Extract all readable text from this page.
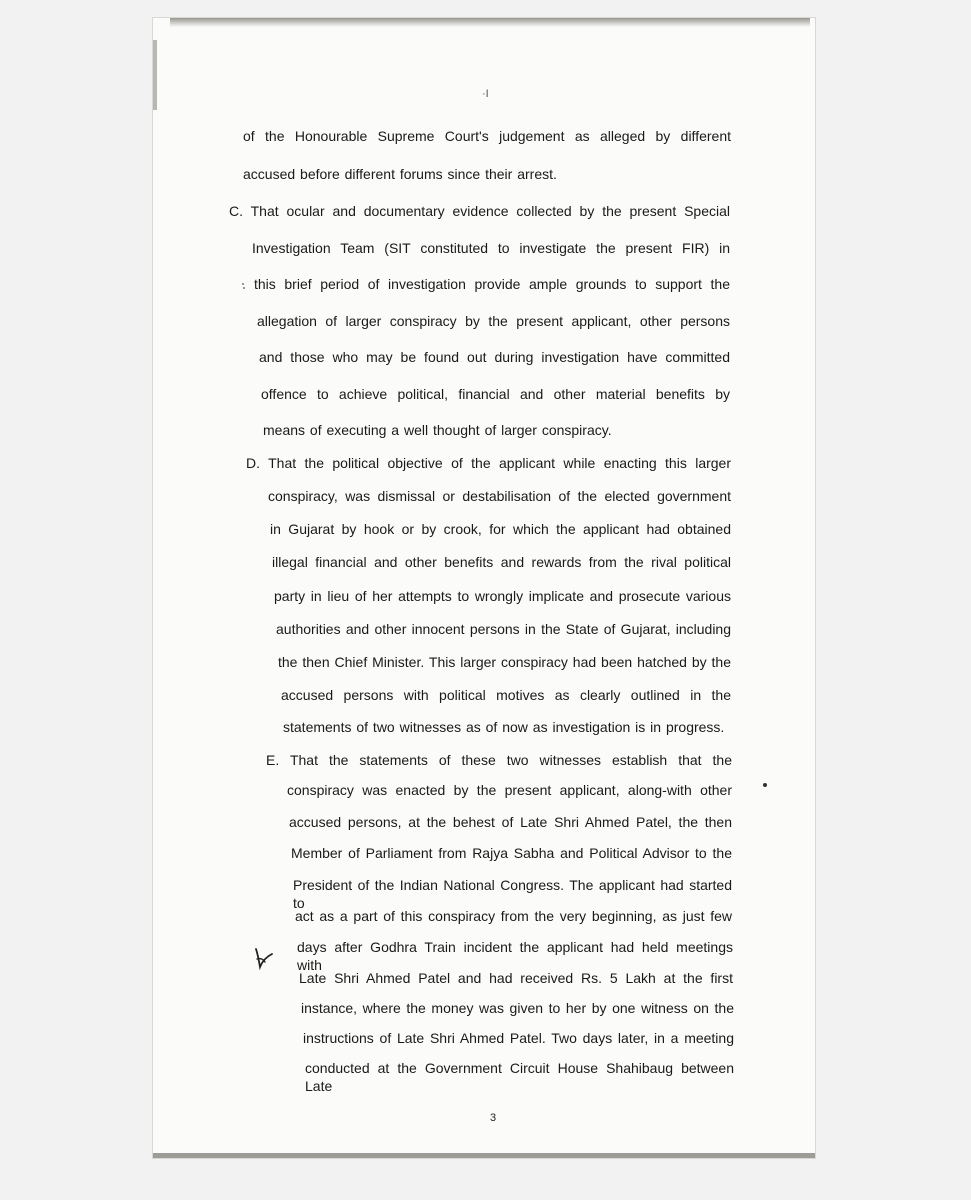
·I

of the Honourable Supreme Court's judgement as alleged by different

accused before different forums since their arrest.

C. That ocular and documentary evidence collected by the present Special

Investigation Team (SIT constituted to investigate the present FIR) in

this brief period of investigation provide ample grounds to support the

allegation of larger conspiracy by the present applicant, other persons

and those who may be found out during investigation have committed

offence to achieve political, financial and other material benefits by

means of executing a well thought of larger conspiracy.

D. That the political objective of the applicant while enacting this larger

conspiracy, was dismissal or destabilisation of the elected government

in Gujarat by hook or by crook, for which the applicant had obtained

illegal financial and other benefits and rewards from the rival political

party in lieu of her attempts to wrongly implicate and prosecute various

authorities and other innocent persons in the State of Gujarat, including

the then Chief Minister. This larger conspiracy had been hatched by the

accused persons with political motives as clearly outlined in the

statements of two witnesses as of now as investigation is in progress.

E. That the statements of these two witnesses establish that the

conspiracy was enacted by the present applicant, along-with other

accused persons, at the behest of Late Shri Ahmed Patel, the then

Member of Parliament from Rajya Sabha and Political Advisor to the

President of the Indian National Congress. The applicant had started to

act as a part of this conspiracy from the very beginning, as just few

days after Godhra Train incident the applicant had held meetings with

Late Shri Ahmed Patel and had received Rs. 5 Lakh at the first

instance, where the money was given to her by one witness on the

instructions of Late Shri Ahmed Patel. Two days later, in a meeting

conducted at the Government Circuit House Shahibaug between Late

3
